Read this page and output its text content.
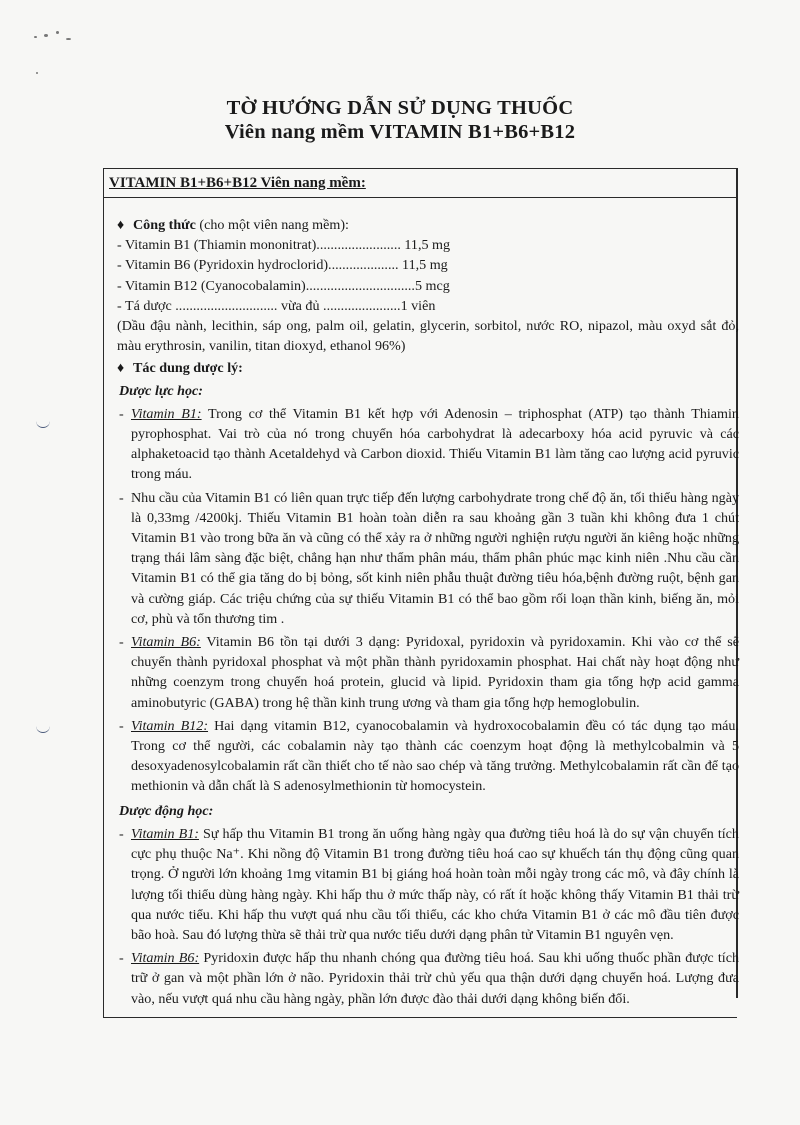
TỜ HƯỚNG DẪN SỬ DỤNG THUỐC
Viên nang mềm VITAMIN B1+B6+B12
VITAMIN B1+B6+B12 Viên nang mềm:

♦ Công thức (cho một viên nang mềm):

- Vitamin B1 (Thiamin mononitrat)........................ 11,5 mg
- Vitamin B6 (Pyridoxin hydroclorid).................... 11,5 mg
- Vitamin B12 (Cyanocobalamin)...............................5 mcg
- Tá dược ............................. vừa đủ ......................1 viên

(Dầu đậu nành, lecithin, sáp ong, palm oil, gelatin, glycerin, sorbitol, nước RO, nipazol, màu oxyd sắt đỏ, màu erythrosin, vanilin, titan dioxyd, ethanol 96%)

♦ Tác dung dược lý:

Dược lực học:

- Vitamin B1: Trong cơ thể Vitamin B1 kết hợp với Adenosin – triphosphat (ATP) tạo thành Thiamin pyrophosphat. Vai trò của nó trong chuyển hóa carbohydrat là adecarboxy hóa acid pyruvic và các alphaketoacid tạo thành Acetaldehyd và Carbon dioxid. Thiếu Vitamin B1 làm tăng cao lượng acid pyruvic trong máu.
- Nhu cầu của Vitamin B1 có liên quan trực tiếp đến lượng carbohydrate trong chế độ ăn, tối thiểu hàng ngày là 0,33mg /4200kj. Thiếu Vitamin B1 hoàn toàn diễn ra sau khoảng gần 3 tuần khi không đưa 1 chút Vitamin B1 vào trong bữa ăn và cũng có thể xảy ra ở những người nghiện rượu người ăn kiêng hoặc những trạng thái lâm sàng đặc biệt, chẳng hạn như thẩm phân máu, thẩm phân phúc mạc kinh niên .Nhu cầu cần Vitamin B1 có thể gia tăng do bị bỏng, sốt kinh niên phẫu thuật đường tiêu hóa,bệnh đường ruột, bệnh gan và cường giáp. Các triệu chứng của sự thiếu Vitamin B1 có thể bao gồm rối loạn thần kinh, biếng ăn, mỏi cơ, phù và tổn thương tim .
- Vitamin B6: Vitamin B6 tồn tại dưới 3 dạng: Pyridoxal, pyridoxin và pyridoxamin. Khi vào cơ thể sẽ chuyển thành pyridoxal phosphat và một phần thành pyridoxamin phosphat. Hai chất này hoạt động như những coenzym trong chuyển hoá protein, glucid và lipid. Pyridoxin tham gia tổng hợp acid gamma aminobutyric (GABA) trong hệ thần kinh trung ương và tham gia tổng hợp hemoglobulin.
- Vitamin B12: Hai dạng vitamin B12, cyanocobalamin và hydroxocobalamin đều có tác dụng tạo máu. Trong cơ thể người, các cobalamin này tạo thành các coenzym hoạt động là methylcobalmin và 5 desoxyadenosylcobalamin rất cần thiết cho tế nào sao chép và tăng trưởng. Methylcobalamin rất cần để tạo methionin và dẫn chất là S adenosylmethionin từ homocystein.

Dược động học:

- Vitamin B1: Sự hấp thu Vitamin B1 trong ăn uống hàng ngày qua đường tiêu hoá là do sự vận chuyển tích cực phụ thuộc Na⁺. Khi nồng độ Vitamin B1 trong đường tiêu hoá cao sự khuếch tán thụ động cũng quan trọng. Ở người lớn khoảng 1mg vitamin B1 bị giáng hoá hoàn toàn mỗi ngày trong các mô, và đây chính là lượng tối thiểu dùng hàng ngày. Khi hấp thu ở mức thấp này, có rất ít hoặc không thấy Vitamin B1 thải trừ qua nước tiểu. Khi hấp thu vượt quá nhu cầu tối thiểu, các kho chứa Vitamin B1 ở các mô đầu tiên được bão hoà. Sau đó lượng thừa sẽ thải trừ qua nước tiểu dưới dạng phân tử Vitamin B1 nguyên vẹn.
- Vitamin B6: Pyridoxin được hấp thu nhanh chóng qua đường tiêu hoá. Sau khi uống thuốc phần được tích trữ ở gan và một phần lớn ở não. Pyridoxin thải trừ chủ yếu qua thận dưới dạng chuyển hoá. Lượng đưa vào, nếu vượt quá nhu cầu hàng ngày, phần lớn được đào thải dưới dạng không biến đổi.
